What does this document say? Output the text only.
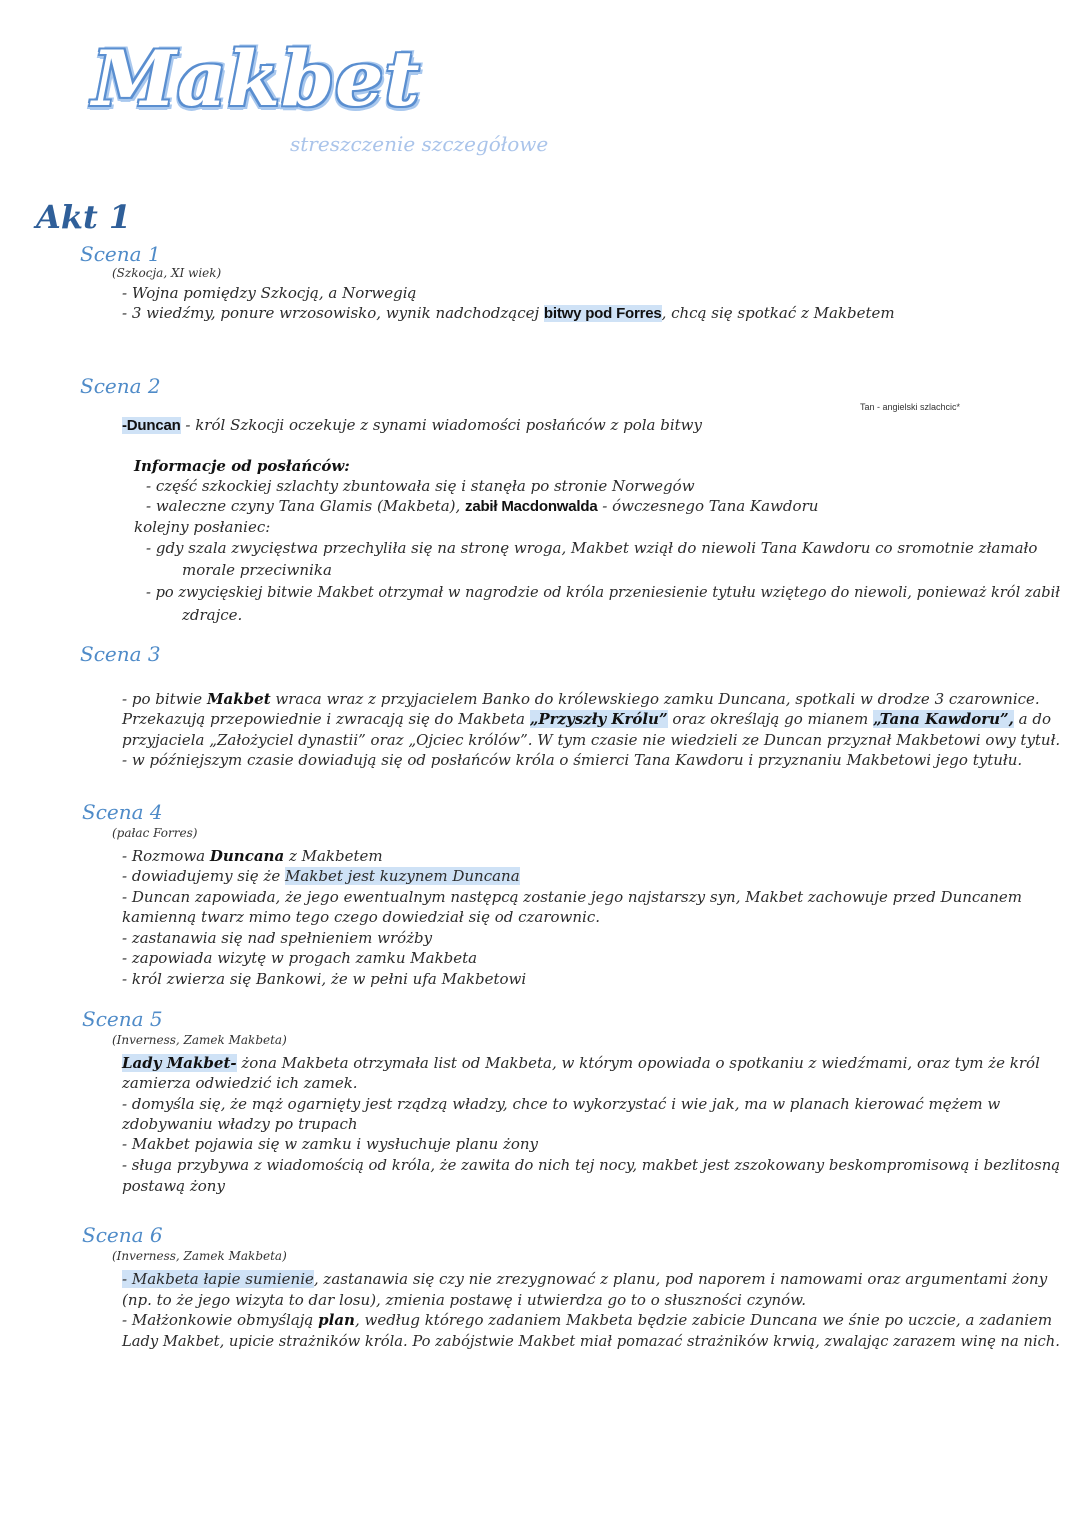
Makbet
streszczenie szczegółowe
Akt 1
Scena 1
(Szkocja, XI wiek)
- Wojna pomiędzy Szkocją, a Norwegią
- 3 wiedźmy, ponure wrzosowisko, wynik nadchodzącej bitwy pod Forres, chcą się spotkać z Makbetem
Tan - angielski szlachcic*
Scena 2
-Duncan - król Szkocji oczekuje z synami wiadomości posłańców z pola bitwy
Informacje od posłańców:
- część szkockiej szlachty zbuntowała się i stanęła po stronie Norwegów
- waleczne czyny Tana Glamis (Makbeta), zabił Macdonwalda - ówczesnego Tana Kawdoru
kolejny posłaniec:
- gdy szala zwycięstwa przechyliła się na stronę wroga, Makbet wziął do niewoli Tana Kawdoru co sromotnie złamało
morale przeciwnika
- po zwycięskiej bitwie Makbet otrzymał w nagrodzie od króla przeniesienie tytułu wziętego do niewoli, ponieważ król zabił
zdrajce.
Scena 3
- po bitwie Makbet wraca wraz z przyjacielem Banko do królewskiego zamku Duncana, spotkali w drodze 3 czarownice.
Przekazują przepowiednie i zwracają się do Makbeta „Przyszły Królu” oraz określają go mianem „Tana Kawdoru”, a do
przyjaciela „Założyciel dynastii” oraz „Ojciec królów”. W tym czasie nie wiedzieli ze Duncan przyznał Makbetowi owy tytuł.
- w późniejszym czasie dowiadują się od posłańców króla o śmierci Tana Kawdoru i przyznaniu Makbetowi jego tytułu.
Scena 4
(pałac Forres)
- Rozmowa Duncana z Makbetem
- dowiadujemy się że Makbet jest kuzynem Duncana
- Duncan zapowiada, że jego ewentualnym następcą zostanie jego najstarszy syn, Makbet zachowuje przed Duncanem
kamienną twarz mimo tego czego dowiedział się od czarownic.
- zastanawia się nad spełnieniem wróżby
- zapowiada wizytę w progach zamku Makbeta
- król zwierza się Bankowi, że w pełni ufa Makbetowi
Scena 5
(Inverness, Zamek Makbeta)
Lady Makbet- żona Makbeta otrzymała list od Makbeta, w którym opowiada o spotkaniu z wiedźmami, oraz tym że król
zamierza odwiedzić ich zamek.
- domyśla się, że mąż ogarnięty jest rządzą władzy, chce to wykorzystać i wie jak, ma w planach kierować mężem w
zdobywaniu władzy po trupach
- Makbet pojawia się w zamku i wysłuchuje planu żony
- sługa przybywa z wiadomością od króla, że zawita do nich tej nocy, makbet jest zszokowany beskompromisową i bezlitosną
postawą żony
Scena 6
(Inverness, Zamek Makbeta)
- Makbeta łapie sumienie, zastanawia się czy nie zrezygnować z planu, pod naporem i namowami oraz argumentami żony
(np. to że jego wizyta to dar losu), zmienia postawę i utwierdza go to o słuszności czynów.
- Małżonkowie obmyślają plan, według którego zadaniem Makbeta będzie zabicie Duncana we śnie po uczcie, a zadaniem
Lady Makbet, upicie strażników króla. Po zabójstwie Makbet miał pomazać strażników krwią, zwalając zarazem winę na nich.
